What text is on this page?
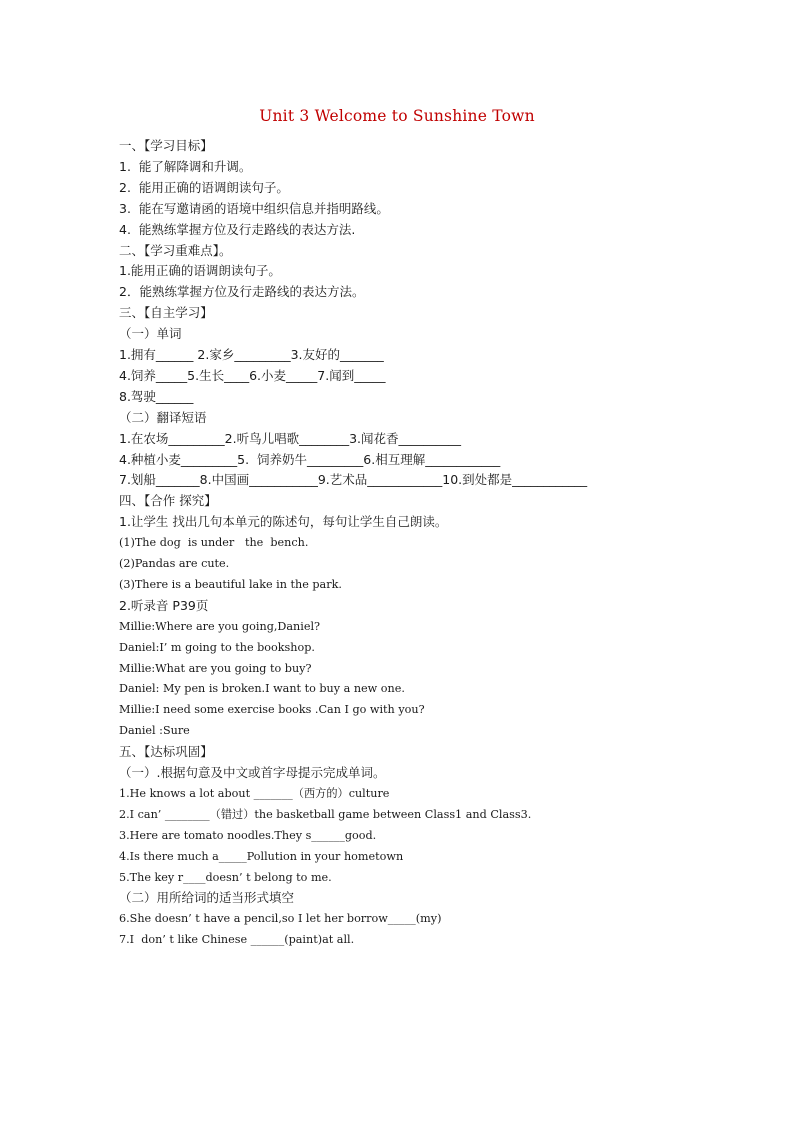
Unit 3 Welcome to Sunshine Town
一、【学习目标】
1.  能了解降调和升调。
2.  能用正确的语调朗读句子。
3.  能在写邀请函的语境中组织信息并指明路线。
4.  能熟练掌握方位及行走路线的表达方法.
二、【学习重难点】。
1.能用正确的语调朗读句子。
2．能熟练掌握方位及行走路线的表达方法。
三、【自主学习】
（一）单词
1.拥有______ 2.家乡_________3.友好的_______
4.饲养_____5.生长____6.小麦_____7.闻到_____
8.驾驶______
（二）翻译短语
1.在农场_________2.听鸟儿唱歌________3.闻花香__________
4.种植小麦_________5.  饲养奶牛_________6.相互理解____________
7.划船_______8.中国画___________9.艺术品____________10.到处都是____________
四、【合作 探究】
1.让学生 找出几句本单元的陈述句，每句让学生自己朗读。
(1)The dog  is under   the  bench.
(2)Pandas are cute.
(3)There is a beautiful lake in the park.
2.听录音 P39页
Millie:Where are you going,Daniel?
Daniel:I’ m going to the bookshop.
Millie:What are you going to buy?
Daniel: My pen is broken.I want to buy a new one.
Millie:I need some exercise books .Can I go with you?
Daniel :Sure
五、【达标巩固】
（一）.根据句意及中文或首字母提示完成单词。
1.He knows a lot about _______（西方的）culture
2.I can’ ________（错过）the basketball game between Class1 and Class3.
3.Here are tomato noodles.They s______good.
4.Is there much a_____Pollution in your hometown
5.The key r____doesn’ t belong to me.
（二）用所给词的适当形式填空
6.She doesn’ t have a pencil,so I let her borrow_____(my)
7.I  don’ t like Chinese ______(paint)at all.
